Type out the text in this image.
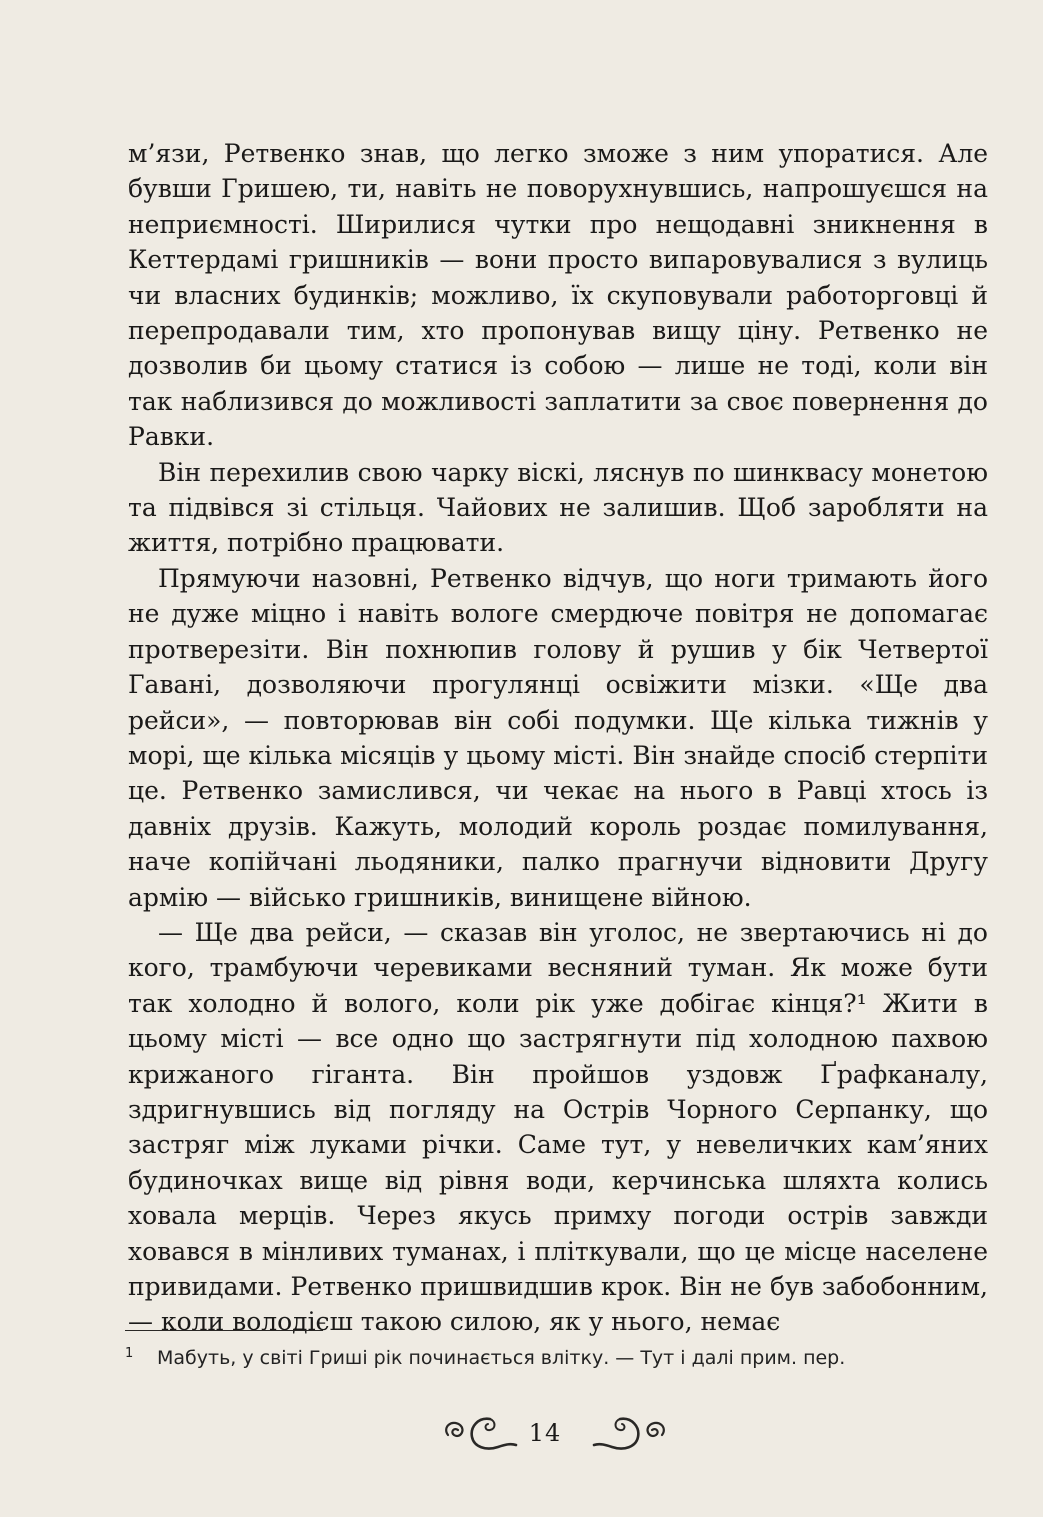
м’язи, Ретвенко знав, що легко зможе з ним упоратися. Але бувши Гришею, ти, навіть не поворухнувшись, напрошуєшся на неприємності. Ширилися чутки про нещодавні зникнення в Кеттердамі гришників — вони просто випаровувалися з вулиць чи власних будинків; можливо, їх скуповували работорговці й перепродавали тим, хто пропонував вищу ціну. Ретвенко не дозволив би цьому статися із собою — лише не тоді, коли він так наблизився до можливості заплатити за своє повернення до Равки.

Він перехилив свою чарку віскі, ляснув по шинквасу монетою та підвівся зі стільця. Чайових не залишив. Щоб заробляти на життя, потрібно працювати.

Прямуючи назовні, Ретвенко відчув, що ноги тримають його не дуже міцно і навіть вологе смердюче повітря не допомагає протверезіти. Він похнюпив голову й рушив у бік Четвертої Гавані, дозволяючи прогулянці освіжити мізки. «Ще два рейси», — повторював він собі подумки. Ще кілька тижнів у морі, ще кілька місяців у цьому місті. Він знайде спосіб стерпіти це. Ретвенко замислився, чи чекає на нього в Равці хтось із давніх друзів. Кажуть, молодий король роздає помилування, наче копійчані льодяники, палко прагнучи відновити Другу армію — військо гришників, винищене війною.

— Ще два рейси, — сказав він уголос, не звертаючись ні до кого, трамбуючи черевиками весняний туман. Як може бути так холодно й волого, коли рік уже добігає кінця?¹ Жити в цьому місті — все одно що застрягнути під холодною пахвою крижаного гіганта. Він пройшов уздовж Ґрафканалу, здригнувшись від погляду на Острів Чорного Серпанку, що застряг між луками річки. Саме тут, у невеличких кам’яних будиночках вище від рівня води, керчинська шляхта колись ховала мерців. Через якусь примху погоди острів завжди ховався в мінливих туманах, і пліткували, що це місце населене привидами. Ретвенко пришвидшив крок. Він не був забобонним, — коли володієш такою силою, як у нього, немає

1 Мабуть, у світі Гриші рік починається влітку. — Тут і далі прим. пер.
14
